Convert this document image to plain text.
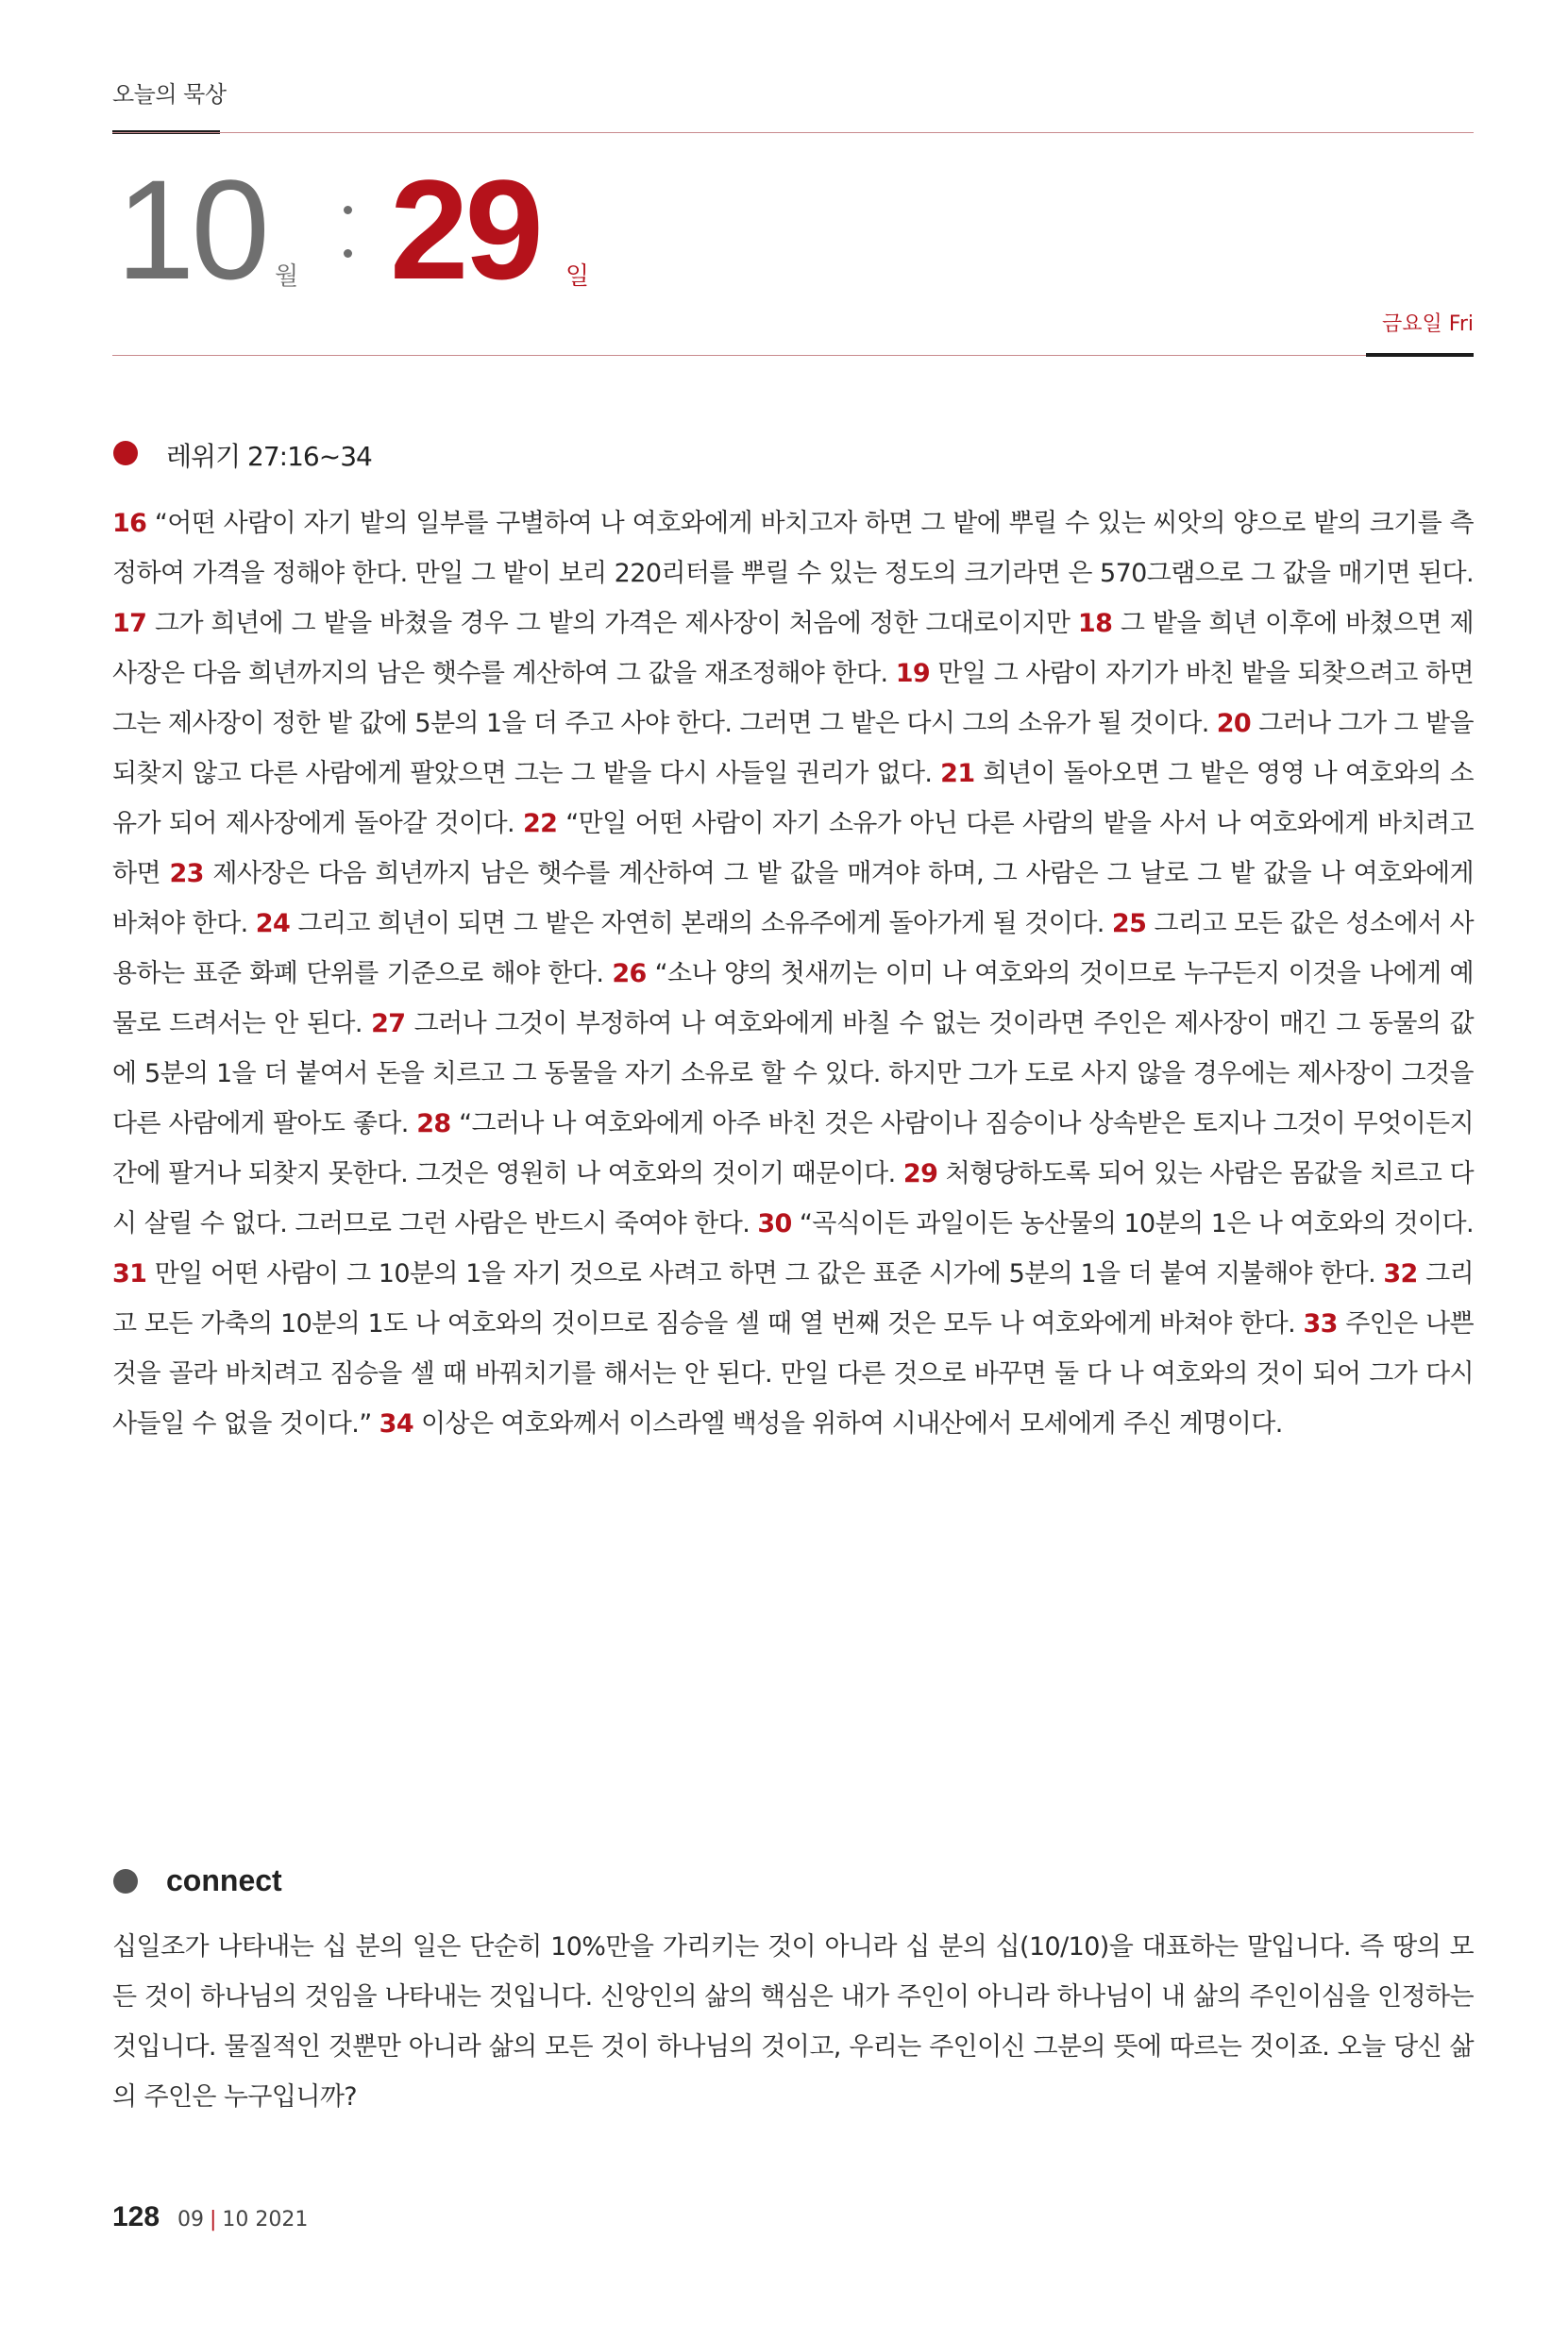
오늘의 묵상
10 월 29 일
금요일 Fri
레위기 27:16~34
16 “어떤 사람이 자기 밭의 일부를 구별하여 나 여호와에게 바치고자 하면 그 밭에 뿌릴 수 있는 씨앗의 양으로 밭의 크기를 측정하여 가격을 정해야 한다. 만일 그 밭이 보리 220리터를 뿌릴 수 있는 정도의 크기라면 은 570그램으로 그 값을 매기면 된다. 17 그가 희년에 그 밭을 바쳤을 경우 그 밭의 가격은 제사장이 처음에 정한 그대로이지만 18 그 밭을 희년 이후에 바쳤으면 제사장은 다음 희년까지의 남은 햇수를 계산하여 그 값을 재조정해야 한다. 19 만일 그 사람이 자기가 바친 밭을 되찾으려고 하면 그는 제사장이 정한 밭 값에 5분의 1을 더 주고 사야 한다. 그러면 그 밭은 다시 그의 소유가 될 것이다. 20 그러나 그가 그 밭을 되찾지 않고 다른 사람에게 팔았으면 그는 그 밭을 다시 사들일 권리가 없다. 21 희년이 돌아오면 그 밭은 영영 나 여호와의 소유가 되어 제사장에게 돌아갈 것이다. 22 “만일 어떤 사람이 자기 소유가 아닌 다른 사람의 밭을 사서 나 여호와에게 바치려고 하면 23 제사장은 다음 희년까지 남은 햇수를 계산하여 그 밭 값을 매겨야 하며, 그 사람은 그 날로 그 밭 값을 나 여호와에게 바쳐야 한다. 24 그리고 희년이 되면 그 밭은 자연히 본래의 소유주에게 돌아가게 될 것이다. 25 그리고 모든 값은 성소에서 사용하는 표준 화폐 단위를 기준으로 해야 한다. 26 “소나 양의 첫새끼는 이미 나 여호와의 것이므로 누구든지 이것을 나에게 예물로 드려서는 안 된다. 27 그러나 그것이 부정하여 나 여호와에게 바칠 수 없는 것이라면 주인은 제사장이 매긴 그 동물의 값에 5분의 1을 더 붙여서 돈을 치르고 그 동물을 자기 소유로 할 수 있다. 하지만 그가 도로 사지 않을 경우에는 제사장이 그것을 다른 사람에게 팔아도 좋다. 28 “그러나 나 여호와에게 아주 바친 것은 사람이나 짐승이나 상속받은 토지나 그것이 무엇이든지간에 팔거나 되찾지 못한다. 그것은 영원히 나 여호와의 것이기 때문이다. 29 처형당하도록 되어 있는 사람은 몸값을 치르고 다시 살릴 수 없다. 그러므로 그런 사람은 반드시 죽여야 한다. 30 “곡식이든 과일이든 농산물의 10분의 1은 나 여호와의 것이다. 31 만일 어떤 사람이 그 10분의 1을 자기 것으로 사려고 하면 그 값은 표준 시가에 5분의 1을 더 붙여 지불해야 한다. 32 그리고 모든 가축의 10분의 1도 나 여호와의 것이므로 짐승을 셀 때 열 번째 것은 모두 나 여호와에게 바쳐야 한다. 33 주인은 나쁜 것을 골라 바치려고 짐승을 셀 때 바꿔치기를 해서는 안 된다. 만일 다른 것으로 바꾸면 둘 다 나 여호와의 것이 되어 그가 다시 사들일 수 없을 것이다.” 34 이상은 여호와께서 이스라엘 백성을 위하여 시내산에서 모세에게 주신 계명이다.
connect
십일조가 나타내는 십 분의 일은 단순히 10%만을 가리키는 것이 아니라 십 분의 십(10/10)을 대표하는 말입니다. 즉 땅의 모든 것이 하나님의 것임을 나타내는 것입니다. 신앙인의 삶의 핵심은 내가 주인이 아니라 하나님이 내 삶의 주인이심을 인정하는 것입니다. 물질적인 것뿐만 아니라 삶의 모든 것이 하나님의 것이고, 우리는 주인이신 그분의 뜻에 따르는 것이죠. 오늘 당신 삶의 주인은 누구입니까?
128 09 | 10 2021
